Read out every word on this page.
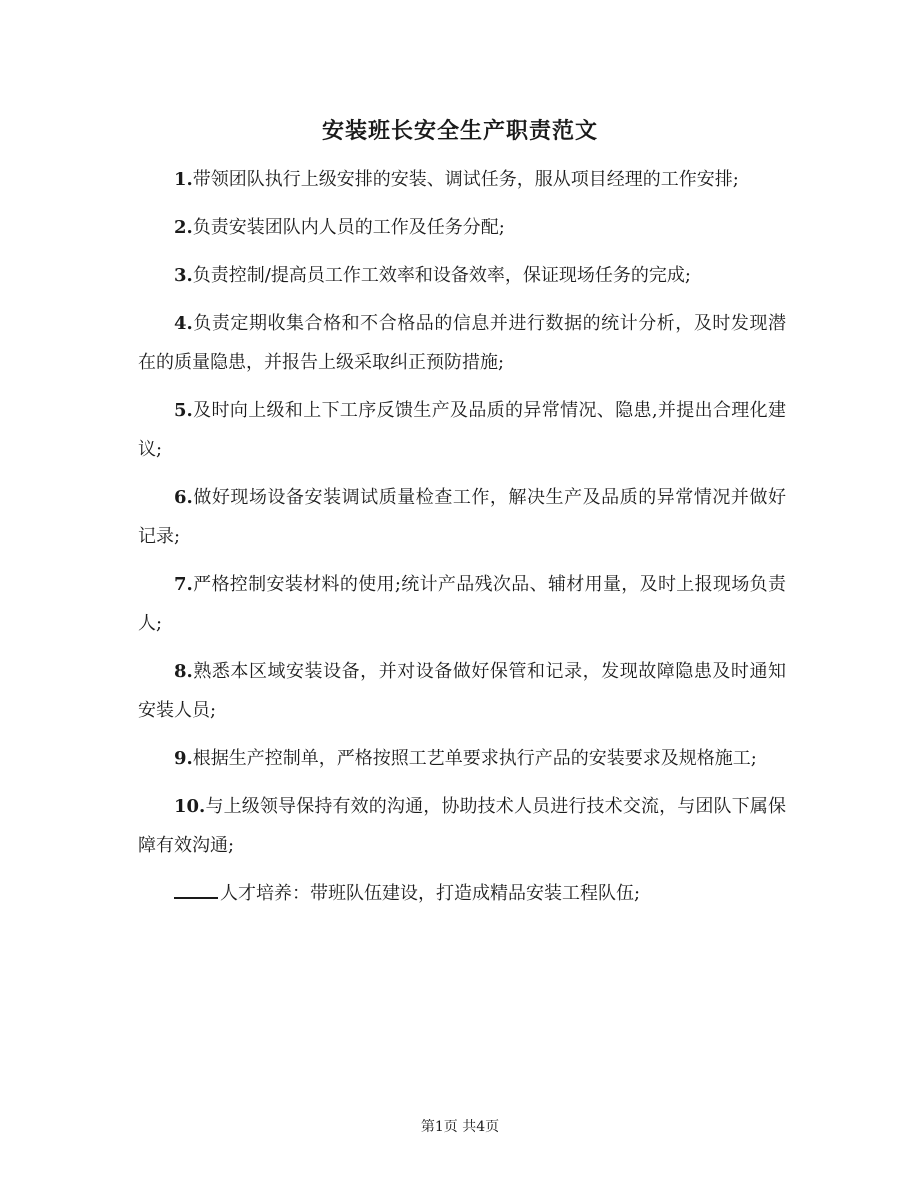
安装班长安全生产职责范文

1.带领团队执行上级安排的安装、调试任务，服从项目经理的工作安排;

2.负责安装团队内人员的工作及任务分配;

3.负责控制/提高员工作工效率和设备效率，保证现场任务的完成;

4.负责定期收集合格和不合格品的信息并进行数据的统计分析，及时发现潜在的质量隐患，并报告上级采取纠正预防措施;

5.及时向上级和上下工序反馈生产及品质的异常情况、隐患,并提出合理化建议;

6.做好现场设备安装调试质量检查工作，解决生产及品质的异常情况并做好记录;

7.严格控制安装材料的使用;统计产品残次品、辅材用量，及时上报现场负责人;

8.熟悉本区域安装设备，并对设备做好保管和记录，发现故障隐患及时通知安装人员;

9.根据生产控制单，严格按照工艺单要求执行产品的安装要求及规格施工;

10.与上级领导保持有效的沟通，协助技术人员进行技术交流，与团队下属保障有效沟通;

人才培养：带班队伍建设，打造成精品安装工程队伍;

第1页 共4页
